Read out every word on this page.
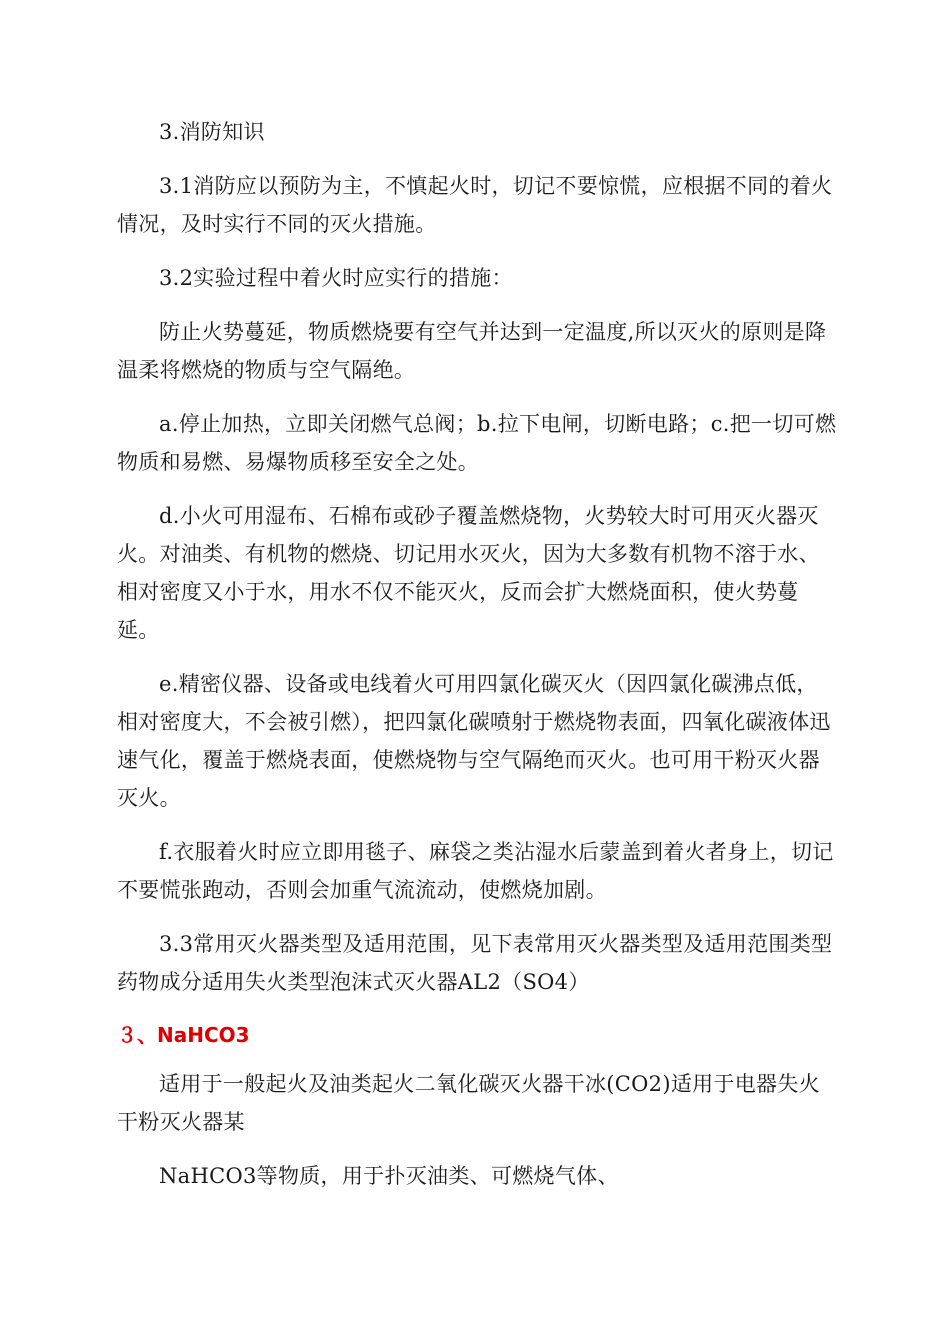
3.消防知识

3.1消防应以预防为主，不慎起火时，切记不要惊慌，应根据不同的着火情况，及时实行不同的灭火措施。

3.2实验过程中着火时应实行的措施：

防止火势蔓延，物质燃烧要有空气并达到一定温度,所以灭火的原则是降温柔将燃烧的物质与空气隔绝。

a.停止加热，立即关闭燃气总阀；b.拉下电闸，切断电路；c.把一切可燃物质和易燃、易爆物质移至安全之处。

d.小火可用湿布、石棉布或砂子覆盖燃烧物，火势较大时可用灭火器灭火。对油类、有机物的燃烧、切记用水灭火，因为大多数有机物不溶于水、相对密度又小于水，用水不仅不能灭火，反而会扩大燃烧面积，使火势蔓延。

e.精密仪器、设备或电线着火可用四氯化碳灭火（因四氯化碳沸点低，相对密度大，不会被引燃），把四氯化碳喷射于燃烧物表面，四氧化碳液体迅速气化，覆盖于燃烧表面，使燃烧物与空气隔绝而灭火。也可用干粉灭火器灭火。

f.衣服着火时应立即用毯子、麻袋之类沾湿水后蒙盖到着火者身上，切记不要慌张跑动，否则会加重气流流动，使燃烧加剧。

3.3常用灭火器类型及适用范围，见下表常用灭火器类型及适用范围类型药物成分适用失火类型泡沫式灭火器AL2（SO4）

３、NaHCO3

适用于一般起火及油类起火二氧化碳灭火器干冰(CO2)适用于电器失火干粉灭火器某

NaHCO3等物质，用于扑灭油类、可燃烧气体、
